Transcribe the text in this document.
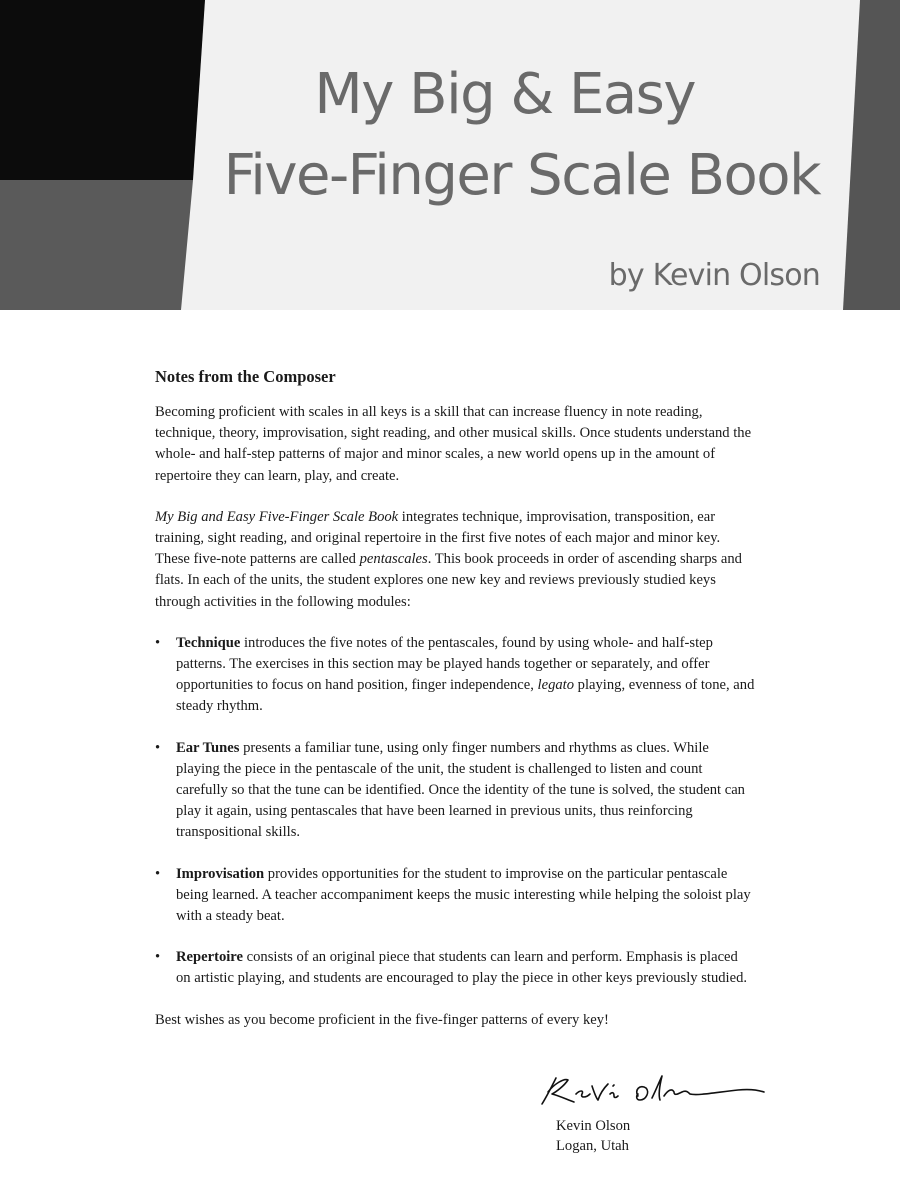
My Big & Easy
Five-Finger Scale Book
by Kevin Olson
Notes from the Composer

Becoming proficient with scales in all keys is a skill that can increase fluency in note reading, technique, theory, improvisation, sight reading, and other musical skills. Once students understand the whole- and half-step patterns of major and minor scales, a new world opens up in the amount of repertoire they can learn, play, and create.

My Big and Easy Five-Finger Scale Book integrates technique, improvisation, transposition, ear training, sight reading, and original repertoire in the first five notes of each major and minor key. These five-note patterns are called pentascales. This book proceeds in order of ascending sharps and flats. In each of the units, the student explores one new key and reviews previously studied keys through activities in the following modules:

• Technique introduces the five notes of the pentascales, found by using whole- and half-step patterns. The exercises in this section may be played hands together or separately, and offer opportunities to focus on hand position, finger independence, legato playing, evenness of tone, and steady rhythm.
• Ear Tunes presents a familiar tune, using only finger numbers and rhythms as clues. While playing the piece in the pentascale of the unit, the student is challenged to listen and count carefully so that the tune can be identified. Once the identity of the tune is solved, the student can play it again, using pentascales that have been learned in previous units, thus reinforcing transpositional skills.
• Improvisation provides opportunities for the student to improvise on the particular pentascale being learned. A teacher accompaniment keeps the music interesting while helping the soloist play with a steady beat.
• Repertoire consists of an original piece that students can learn and perform. Emphasis is placed on artistic playing, and students are encouraged to play the piece in other keys previously studied.

Best wishes as you become proficient in the five-finger patterns of every key!

Kevin Olson
Logan, Utah
